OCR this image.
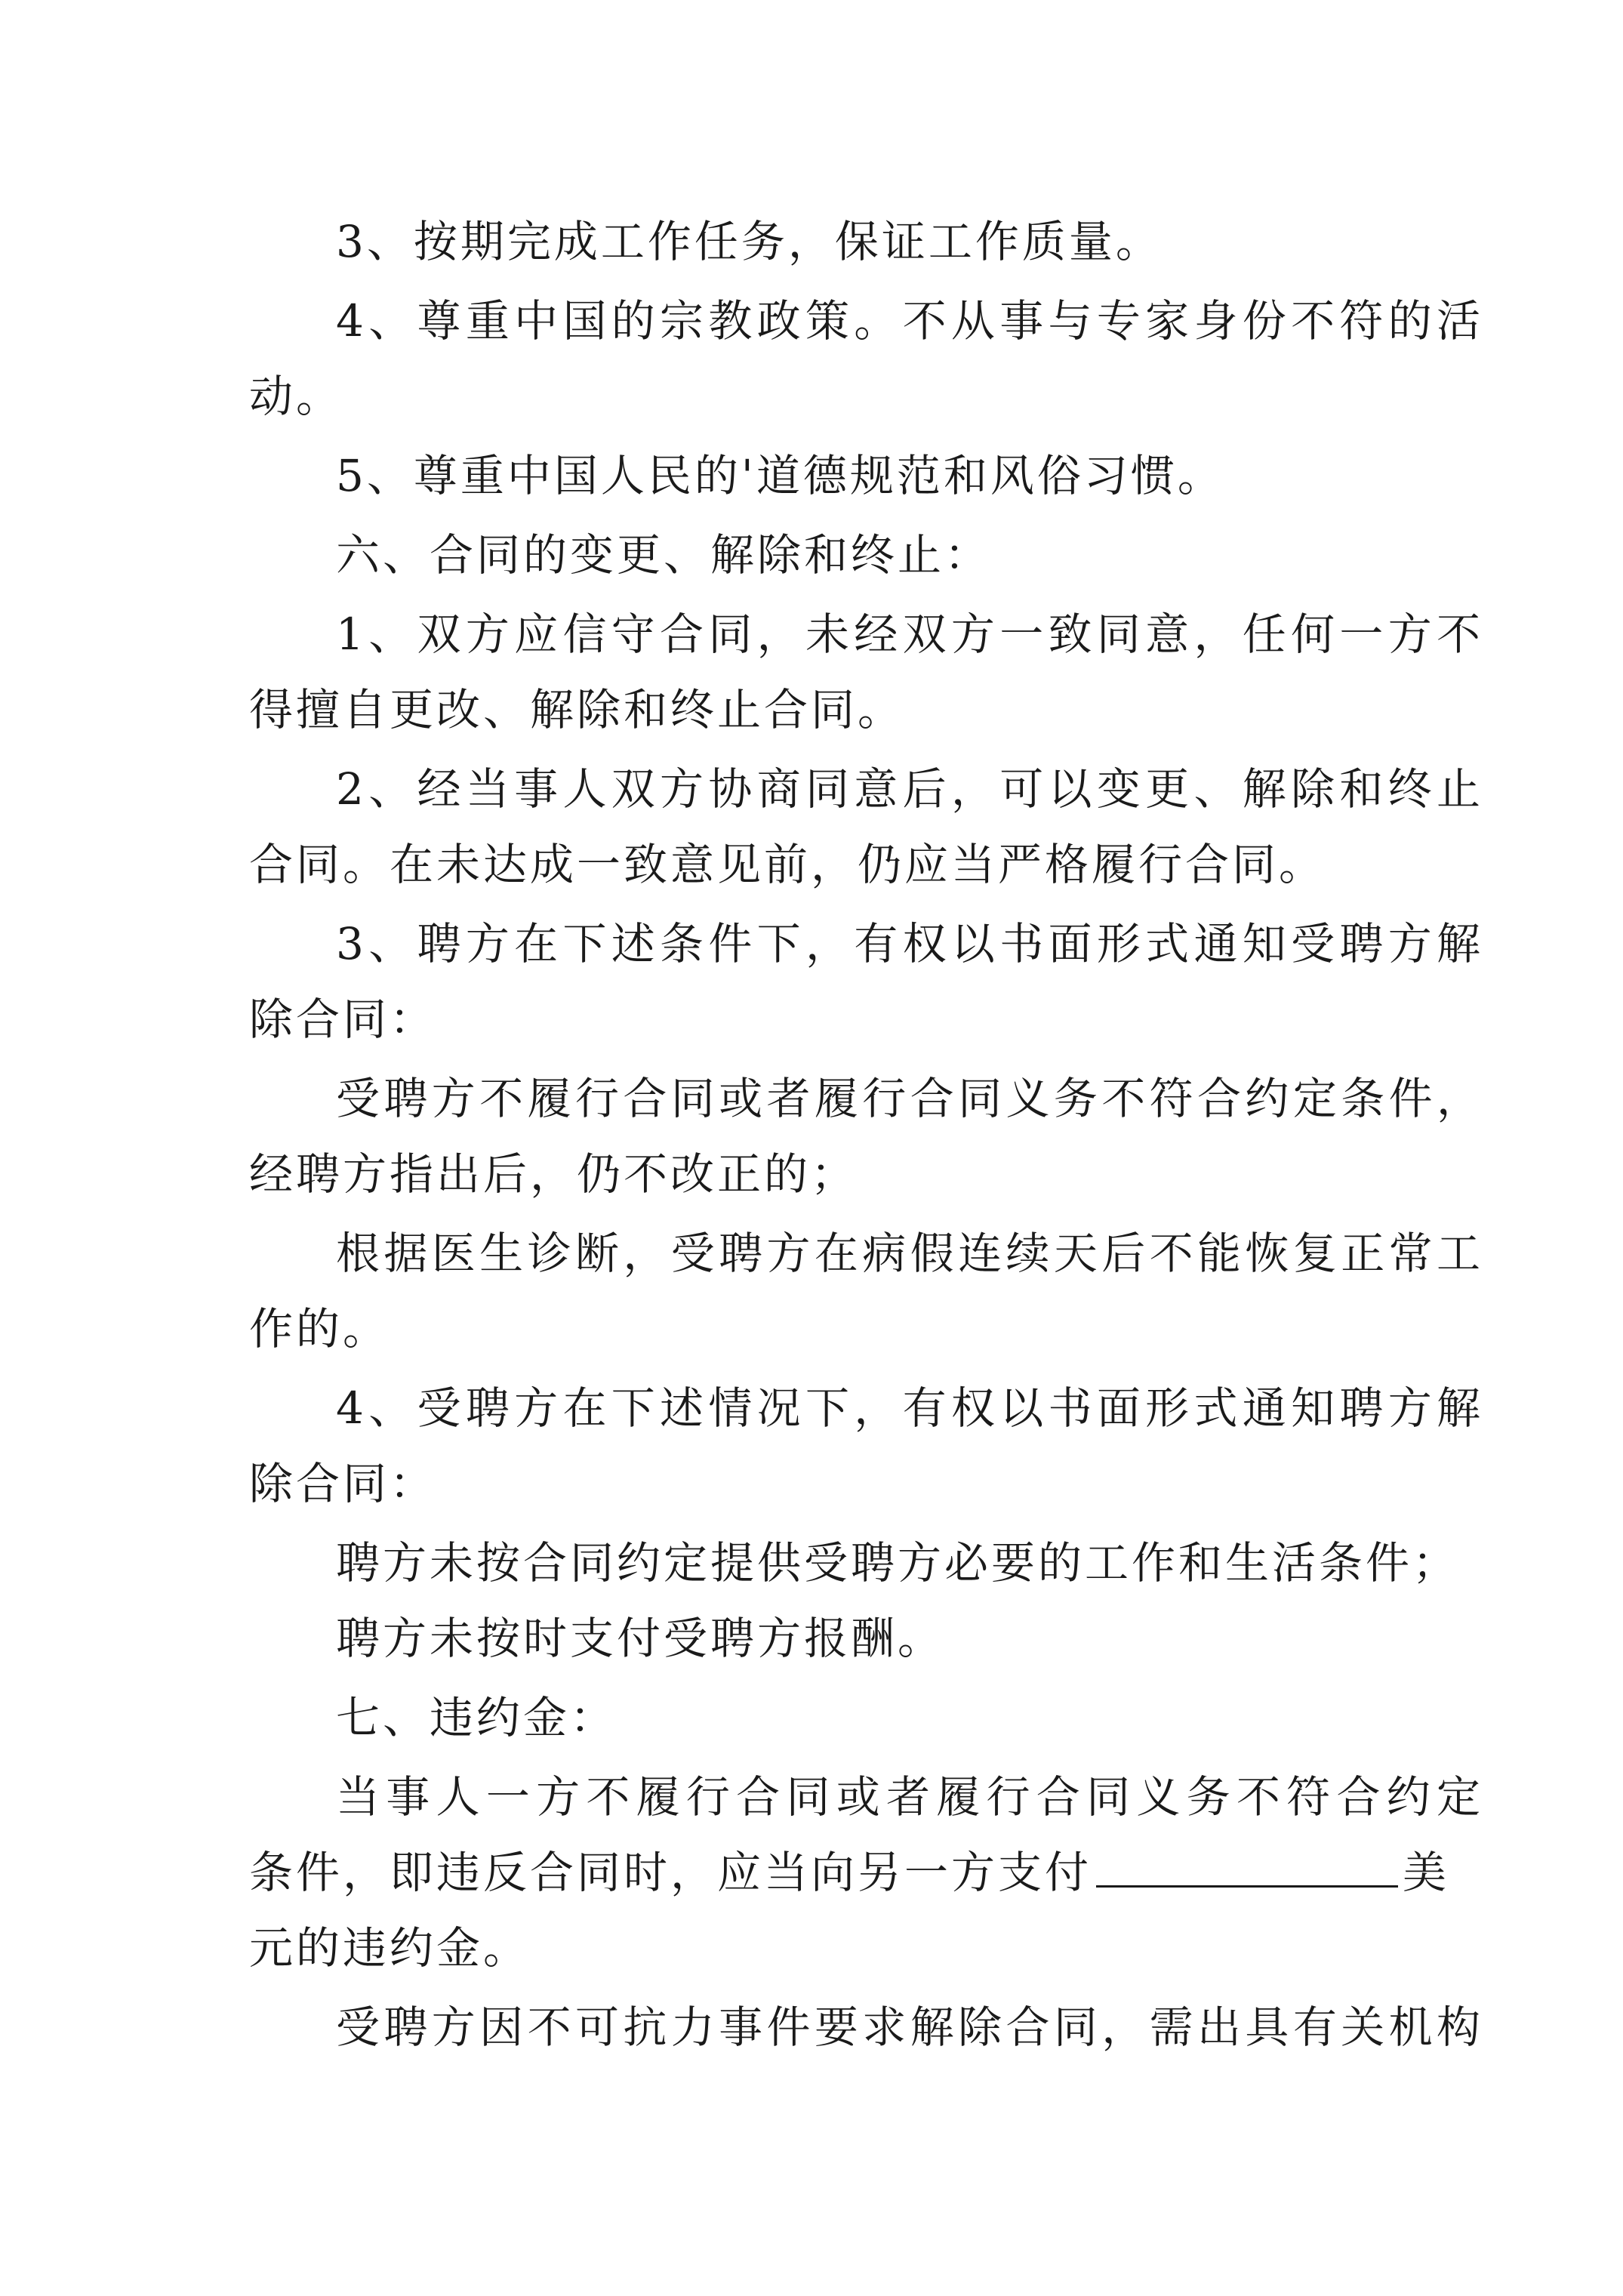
3、按期完成工作任务，保证工作质量。
4、尊重中国的宗教政策。不从事与专家身份不符的活
动。
5、尊重中国人民的'道德规范和风俗习惯。
六、合同的变更、解除和终止：
1、双方应信守合同，未经双方一致同意，任何一方不
得擅自更改、解除和终止合同。
2、经当事人双方协商同意后，可以变更、解除和终止
合同。在未达成一致意见前，仍应当严格履行合同。
3、聘方在下述条件下，有权以书面形式通知受聘方解
除合同：
受聘方不履行合同或者履行合同义务不符合约定条件，
经聘方指出后，仍不改正的；
根据医生诊断，受聘方在病假连续天后不能恢复正常工
作的。
4、受聘方在下述情况下，有权以书面形式通知聘方解
除合同：
聘方未按合同约定提供受聘方必要的工作和生活条件；
聘方未按时支付受聘方报酬。
七、违约金：
当事人一方不履行合同或者履行合同义务不符合约定
条件，即违反合同时，应当向另一方支付	美
元的违约金。
受聘方因不可抗力事件要求解除合同，需出具有关机构
